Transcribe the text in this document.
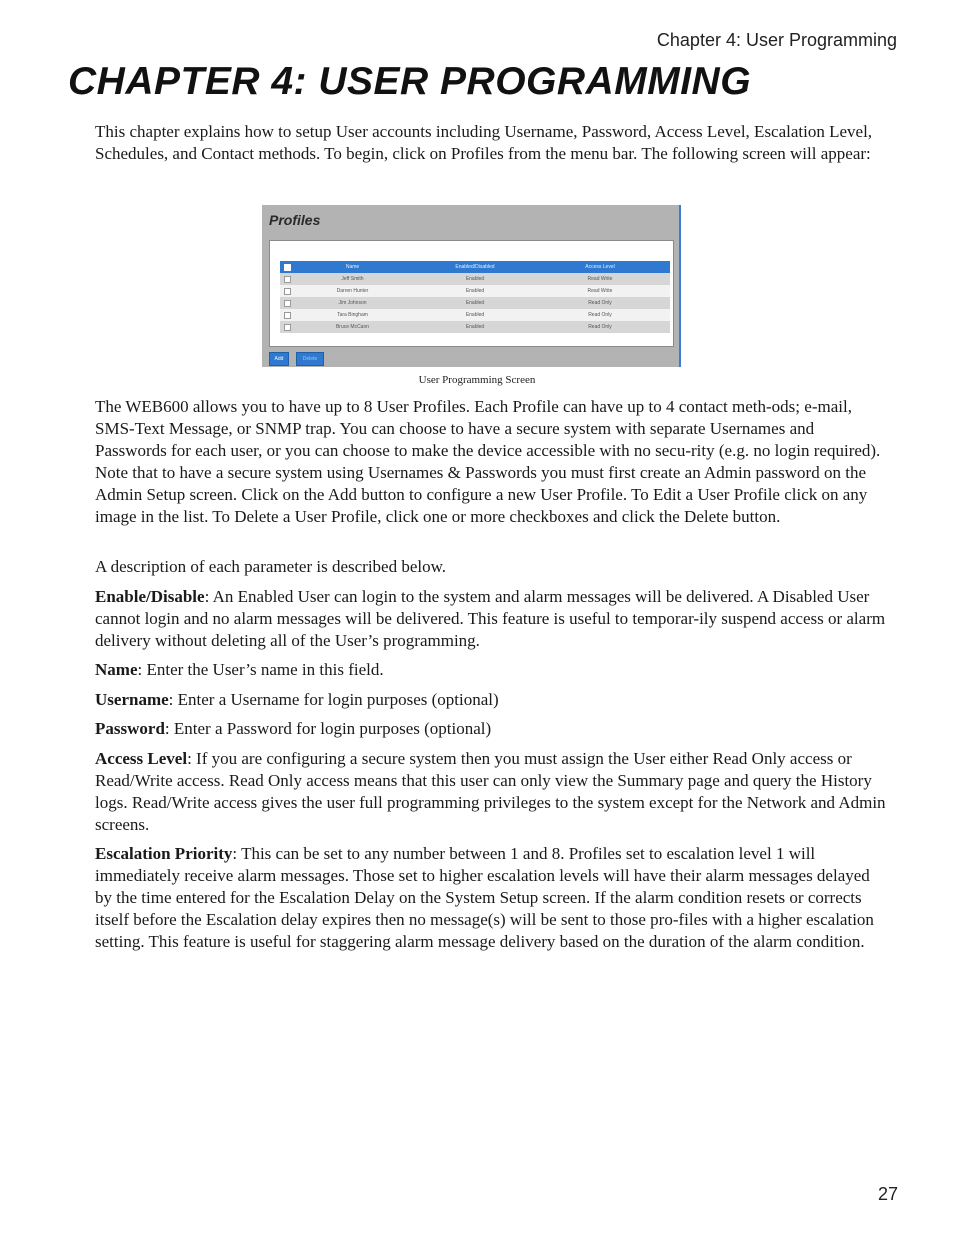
Chapter 4: User Programming
CHAPTER 4: USER PROGRAMMING

This chapter explains how to setup User accounts including Username, Password, Access Level, Escalation Level, Schedules, and Contact methods. To begin, click on Profiles from the menu bar. The following screen will appear:

Profiles
Name	Enabled/Disabled	Access Level
Jeff Smith	Enabled	Read Write
Darren Hunter	Enabled	Read Write
Jim Johnson	Enabled	Read Only
Tara Bingham	Enabled	Read Only
Bruce McCann	Enabled	Read Only
Add	Delete
User Programming Screen

The WEB600 allows you to have up to 8 User Profiles. Each Profile can have up to 4 contact meth-ods; e-mail, SMS-Text Message, or SNMP trap. You can choose to have a secure system with separate Usernames and Passwords for each user, or you can choose to make the device accessible with no secu-rity (e.g. no login required). Note that to have a secure system using Usernames & Passwords you must first create an Admin password on the Admin Setup screen. Click on the Add button to configure a new User Profile. To Edit a User Profile click on any image in the list. To Delete a User Profile, click one or more checkboxes and click the Delete button.

A description of each parameter is described below.

Enable/Disable: An Enabled User can login to the system and alarm messages will be delivered. A Disabled User cannot login and no alarm messages will be delivered. This feature is useful to temporar-ily suspend access or alarm delivery without deleting all of the User’s programming.

Name: Enter the User’s name in this field.

Username: Enter a Username for login purposes (optional)

Password: Enter a Password for login purposes (optional)

Access Level: If you are configuring a secure system then you must assign the User either Read Only access or Read/Write access. Read Only access means that this user can only view the Summary page and query the History logs. Read/Write access gives the user full programming privileges to the system except for the Network and Admin screens.

Escalation Priority: This can be set to any number between 1 and 8. Profiles set to escalation level 1 will immediately receive alarm messages. Those set to higher escalation levels will have their alarm messages delayed by the time entered for the Escalation Delay on the System Setup screen. If the alarm condition resets or corrects itself before the Escalation delay expires then no message(s) will be sent to those pro-files with a higher escalation setting. This feature is useful for staggering alarm message delivery based on the duration of the alarm condition.

27
